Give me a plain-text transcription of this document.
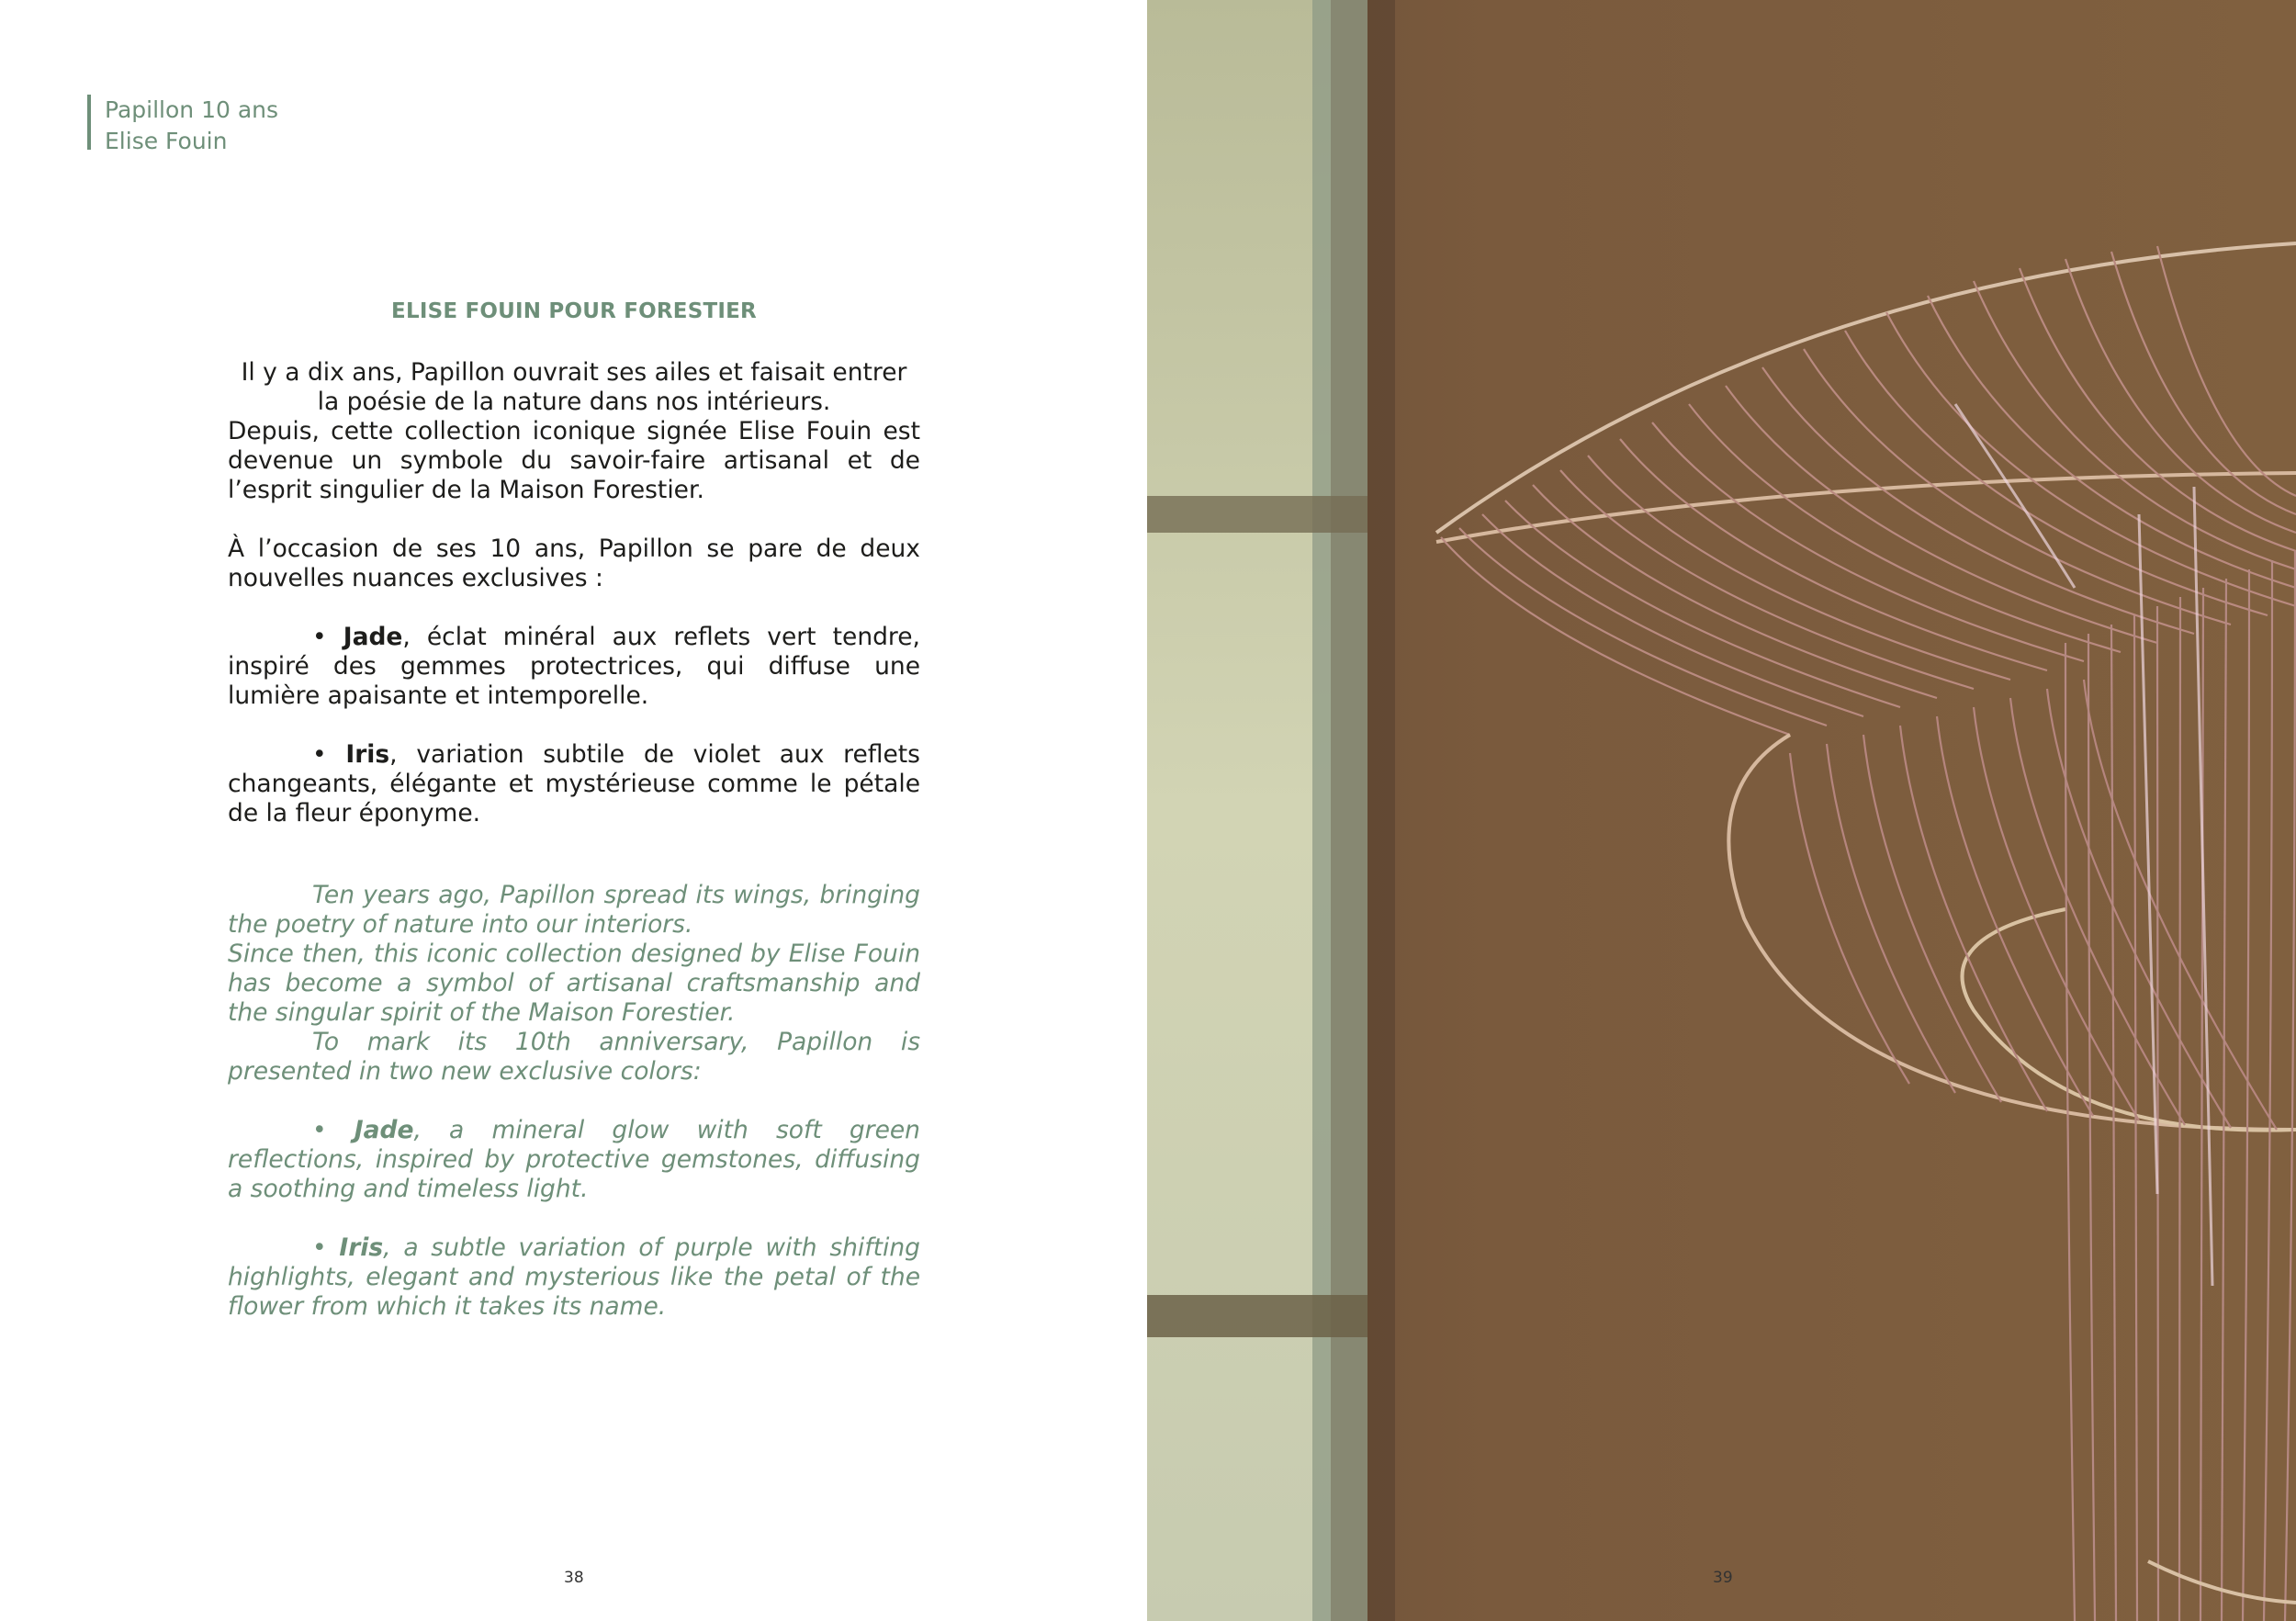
Papillon 10 ans
Elise Fouin
ELISE FOUIN POUR FORESTIER

Il y a dix ans, Papillon ouvrait ses ailes et faisait entrer

la poésie de la nature dans nos intérieurs.

Depuis, cette collection iconique signée Elise Fouin est devenue un symbole du savoir-faire artisanal et de l’esprit singulier de la Maison Forestier.

À l’occasion de ses 10 ans, Papillon se pare de deux nouvelles nuances exclusives :

• Jade, éclat minéral aux reflets vert tendre, inspiré des gemmes protectrices, qui diffuse une lumière apaisante et intemporelle.

• Iris, variation subtile de violet aux reflets changeants, élégante et mystérieuse comme le pétale de la fleur éponyme.

Ten years ago, Papillon spread its wings, bringing the poetry of nature into our interiors.

Since then, this iconic collection designed by Elise Fouin has become a symbol of artisanal craftsmanship and the singular spirit of the Maison Forestier.

To mark its 10th anniversary, Papillon is presented in two new exclusive colors:

• Jade, a mineral glow with soft green reflections, inspired by protective gemstones, diffusing a soothing and timeless light.

• Iris, a subtle variation of purple with shifting highlights, elegant and mysterious like the petal of the flower from which it takes its name.

38	39
